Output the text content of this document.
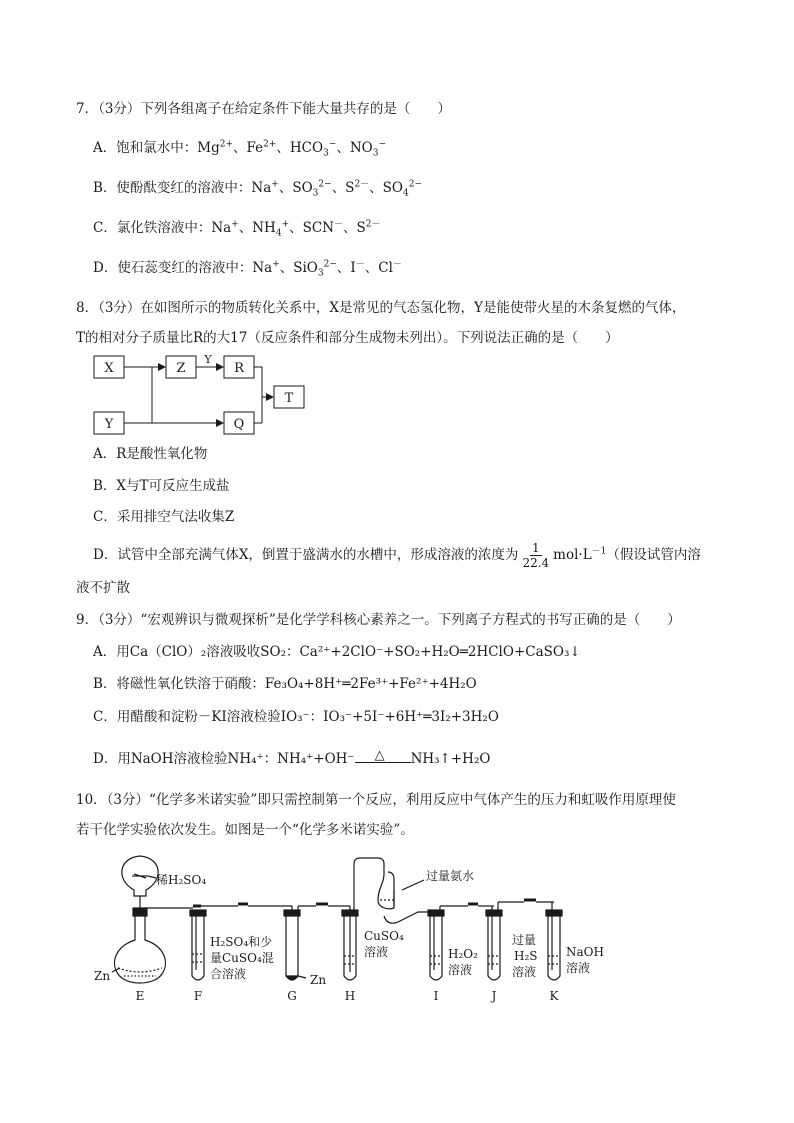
7．（3分）下列各组离子在给定条件下能大量共存的是（　　）
A．饱和氯水中：$Mg^{2+}$、$Fe^{2+}$、$HCO_3^-$、$NO_3^-$
B．使酚酞变红的溶液中：Na+、$SO_3^{2-}$、$S^{2-}$、$SO_4^{2-}$
C．氯化铁溶液中：Na+、$NH_4^+$、SCN－、$S^{2-}$
D．使石蕊变红的溶液中：Na+、SiO$_3^{2-}$、I－、Cl－
8．（3分）在如图所示的物质转化关系中，X是常见的气态氢化物，Y是能使带火星的木条复燃的气体，
T的相对分子质量比R的大17（反应条件和部分生成物未列出）。下列说法正确的是（　　）
X
Y
Z	R
Q
T
Y
A．R是酸性氧化物
B．X与T可反应生成盐
C．采用排空气法收集Z
D．试管中全部充满气体X，倒置于盛满水的水槽中，形成溶液的浓度为 $\frac{1}{22.4} mol\cdot L^{-1}$（假设试管内溶
液不扩散
9．（3分）“宏观辨识与微观探析”是化学学科核心素养之一。下列离子方程式的书写正确的是（　　）
A．用Ca（ClO）₂溶液吸收SO₂：Ca²⁺+2ClO⁻+SO₂+H₂O═2HClO+CaSO₃↓
B．将磁性氧化铁溶于硝酸：Fe₃O₄+8H⁺═2Fe³⁺+Fe²⁺+4H₂O
C．用醋酸和淀粉－KI溶液检验IO₃⁻：IO₃⁻+5I⁻+6H⁺═3I₂+3H₂O
D．用NaOH溶液检验NH₄⁺：NH₄⁺+OH⁻ △ NH₃↑+H₂O
10．（3分）“化学多米诺实验”即只需控制第一个反应，利用反应中气体产生的压力和虹吸作用原理使
若干化学实验依次发生。如图是一个“化学多米诺实验”。
稀H₂SO₄
Zn
H₂SO₄和少
量CuSO₄混
合溶液	Zn
CuSO₄
溶液
过量氨水
H₂O₂
溶液
过量
H₂S
溶液
NaOH
溶液
E	F	G	H	I	J	K
